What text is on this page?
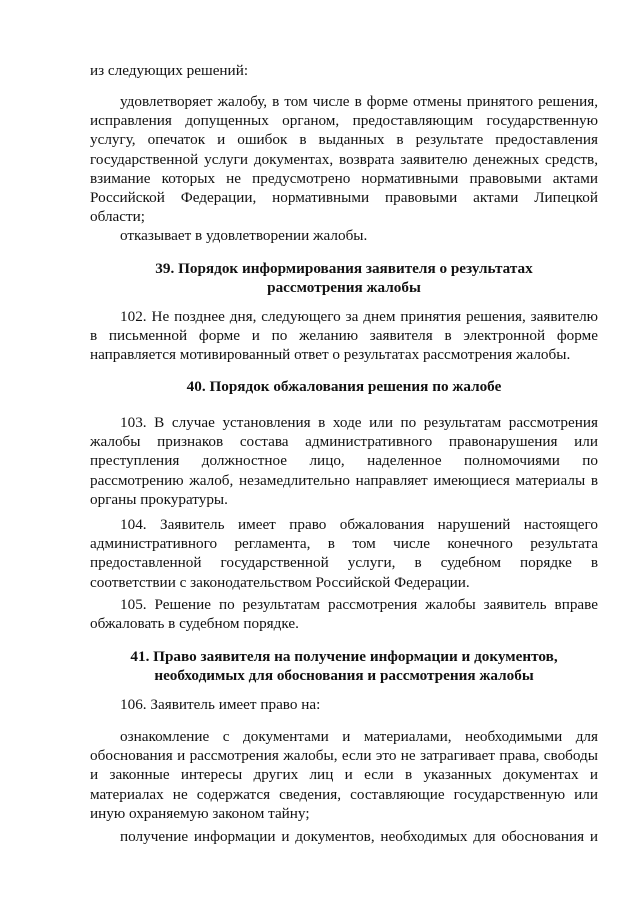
из следующих решений:

удовлетворяет жалобу, в том числе в форме отмены принятого решения,
исправления допущенных органом, предоставляющим государственную
услугу, опечаток и ошибок в выданных в результате предоставления
государственной услуги документах, возврата заявителю денежных средств,
взимание которых не предусмотрено нормативными правовыми актами
Российской Федерации, нормативными правовыми актами Липецкой
области;
отказывает в удовлетворении жалобы.
39. Порядок информирования заявителя о результатах
рассмотрения жалобы
102. Не позднее дня, следующего за днем принятия решения, заявителю
в письменной форме и по желанию заявителя в электронной форме
направляется мотивированный ответ о результатах рассмотрения жалобы.
40. Порядок обжалования решения по жалобе
103. В случае установления в ходе или по результатам рассмотрения
жалобы признаков состава административного правонарушения или
преступления должностное лицо, наделенное полномочиями по
рассмотрению жалоб, незамедлительно направляет имеющиеся материалы в
органы прокуратуры.
104. Заявитель имеет право обжалования нарушений настоящего
административного регламента, в том числе конечного результата
предоставленной государственной услуги, в судебном порядке в
соответствии с законодательством Российской Федерации.
105. Решение по результатам рассмотрения жалобы заявитель вправе
обжаловать в судебном порядке.
41. Право заявителя на получение информации и документов,
необходимых для обоснования и рассмотрения жалобы
106. Заявитель имеет право на:
ознакомление с документами и материалами, необходимыми для
обоснования и рассмотрения жалобы, если это не затрагивает права, свободы
и законные интересы других лиц и если в указанных документах и
материалах не содержатся сведения, составляющие государственную или
иную охраняемую законом тайну;
получение информации и документов, необходимых для обоснования и
